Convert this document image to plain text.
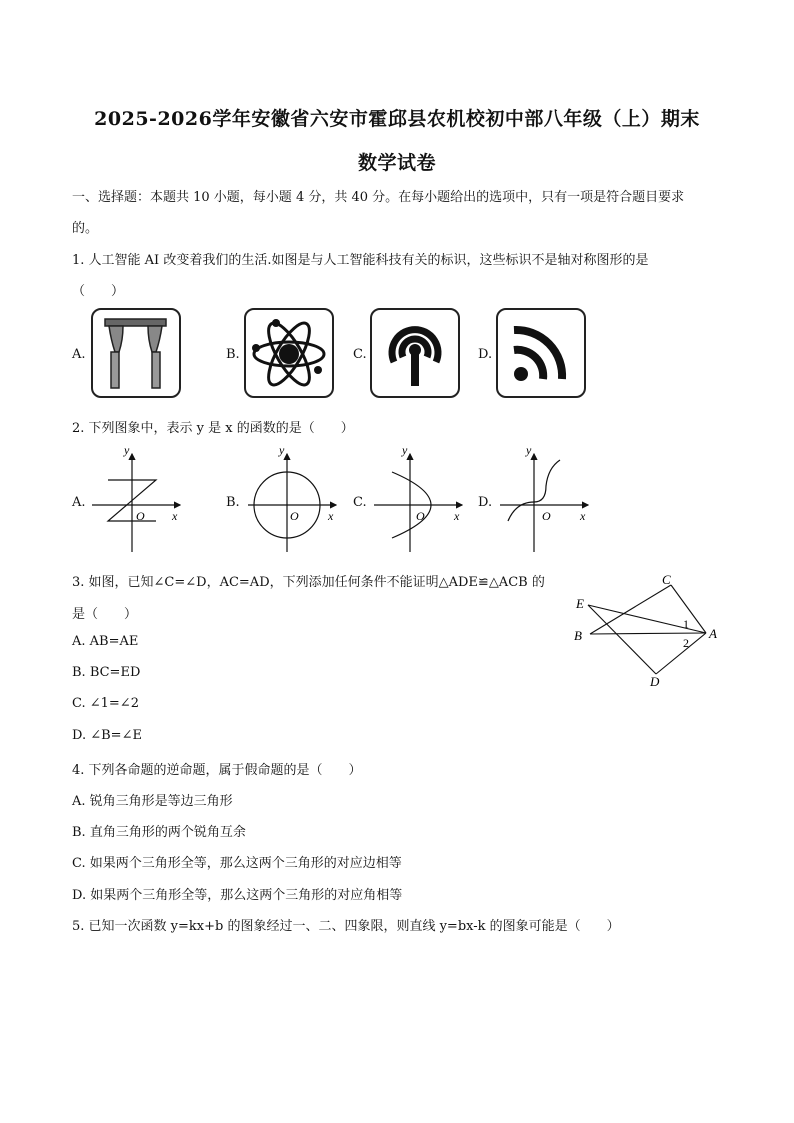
2025-2026学年安徽省六安市霍邱县农机校初中部八年级（上）期末
数学试卷
一、选择题：本题共 10 小题，每小题 4 分，共 40 分。在每小题给出的选项中，只有一项是符合题目要求
的。
1. 人工智能 AI 改变着我们的生活.如图是与人工智能科技有关的标识，这些标识不是轴对称图形的是
（　　）
A.	B.	C.	D.
2. 下列图象中，表示 y 是 x 的函数的是（　　）
A.
y
x
O
B.
y
x
O
C.
y
x
O
D.
y
x
O
3. 如图，已知∠C=∠D，AC=AD，下列添加任何条件不能证明△ADE≌△ACB 的
是（　　）
A. AB=AE
B. BC=ED
C. ∠1=∠2
D. ∠B=∠E
C
E
B	A
D
1
2
4. 下列各命题的逆命题，属于假命题的是（　　）
A. 锐角三角形是等边三角形
B. 直角三角形的两个锐角互余
C. 如果两个三角形全等，那么这两个三角形的对应边相等
D. 如果两个三角形全等，那么这两个三角形的对应角相等
5. 已知一次函数 y=kx+b 的图象经过一、二、四象限，则直线 y=bx-k 的图象可能是（　　）
